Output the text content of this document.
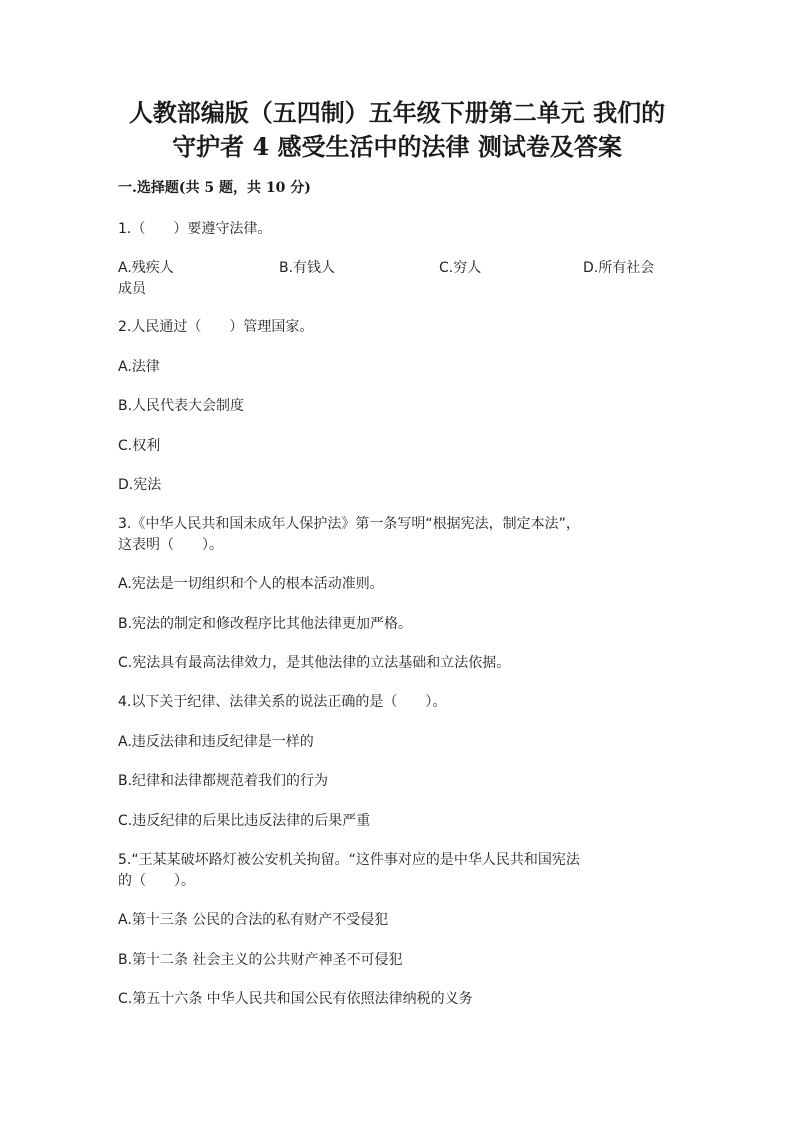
人教部编版（五四制）五年级下册第二单元 我们的
守护者 4 感受生活中的法律 测试卷及答案
一.选择题(共 5 题，共 10 分)
1.（　　）要遵守法律。
A.残疾人	B.有钱人	C.穷人	D.所有社会
成员
2.人民通过（　　）管理国家。
A.法律
B.人民代表大会制度
C.权利
D.宪法
3.《中华人民共和国未成年人保护法》第一条写明“根据宪法，制定本法”，
这表明（　　）。
A.宪法是一切组织和个人的根本活动准则。
B.宪法的制定和修改程序比其他法律更加严格。
C.宪法具有最高法律效力，是其他法律的立法基础和立法依据。
4.以下关于纪律、法律关系的说法正确的是（　　）。
A.违反法律和违反纪律是一样的
B.纪律和法律都规范着我们的行为
C.违反纪律的后果比违反法律的后果严重
5.“王某某破坏路灯被公安机关拘留。“这件事对应的是中华人民共和国宪法
的（　　）。
A.第十三条 公民的合法的私有财产不受侵犯
B.第十二条 社会主义的公共财产神圣不可侵犯
C.第五十六条 中华人民共和国公民有依照法律纳税的义务
